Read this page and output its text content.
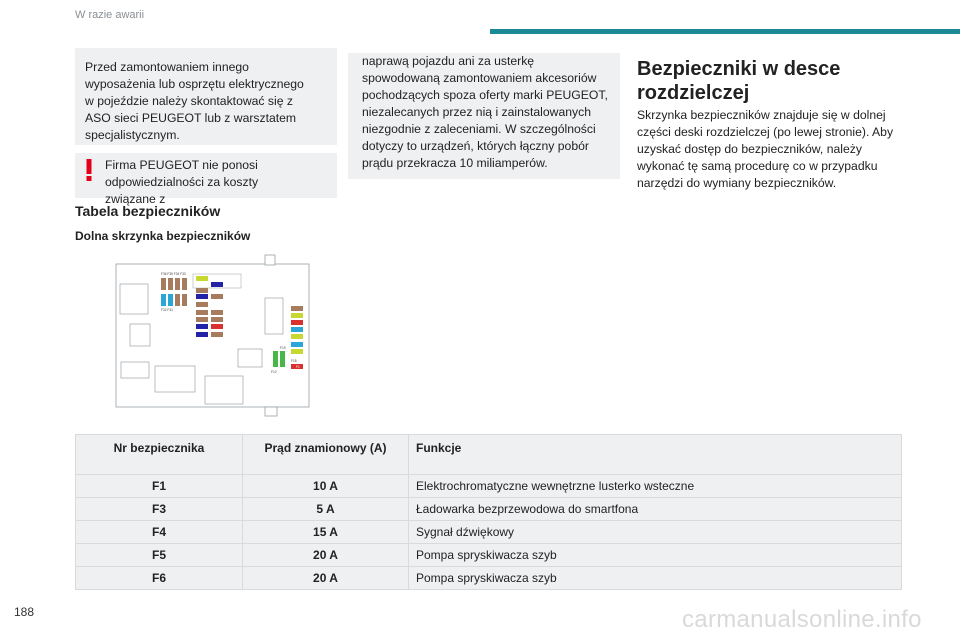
W razie awarii
Przed zamontowaniem innego wyposażenia lub osprzętu elektrycznego w pojeździe należy skontaktować się z ASO sieci PEUGEOT lub z warsztatem specjalistycznym.
Firma PEUGEOT nie ponosi odpowiedzialności za koszty związane z
Tabela bezpieczników
Dolna skrzynka bezpieczników
naprawą pojazdu ani za usterkę spowodowaną zamontowaniem akcesoriów pochodzących spoza oferty marki PEUGEOT, niezalecanych przez nią i zainstalowanych niezgodnie z zaleceniami. W szczególności dotyczy to urządzeń, których łączny pobór prądu przekracza 10 miliamperów.
Bezpieczniki w desce rozdzielczej
Skrzynka bezpieczników znajduje się w dolnej części deski rozdzielczej (po lewej stronie). Aby uzyskać dostęp do bezpieczników, należy wykonać tę samą procedurę co w przypadku narzędzi do wymiany bezpieczników.
F36 F35 F34 F33
F32 F31
F19
F18
F10
F1
Nr bezpiecznika	Prąd znamionowy (A)	Funkcje
F1	10 A	Elektrochromatyczne wewnętrzne lusterko wsteczne
F3	5 A	Ładowarka bezprzewodowa do smartfona
F4	15 A	Sygnał dźwiękowy
F5	20 A	Pompa spryskiwacza szyb
F6	20 A	Pompa spryskiwacza szyb
188	carmanualsonline.info
